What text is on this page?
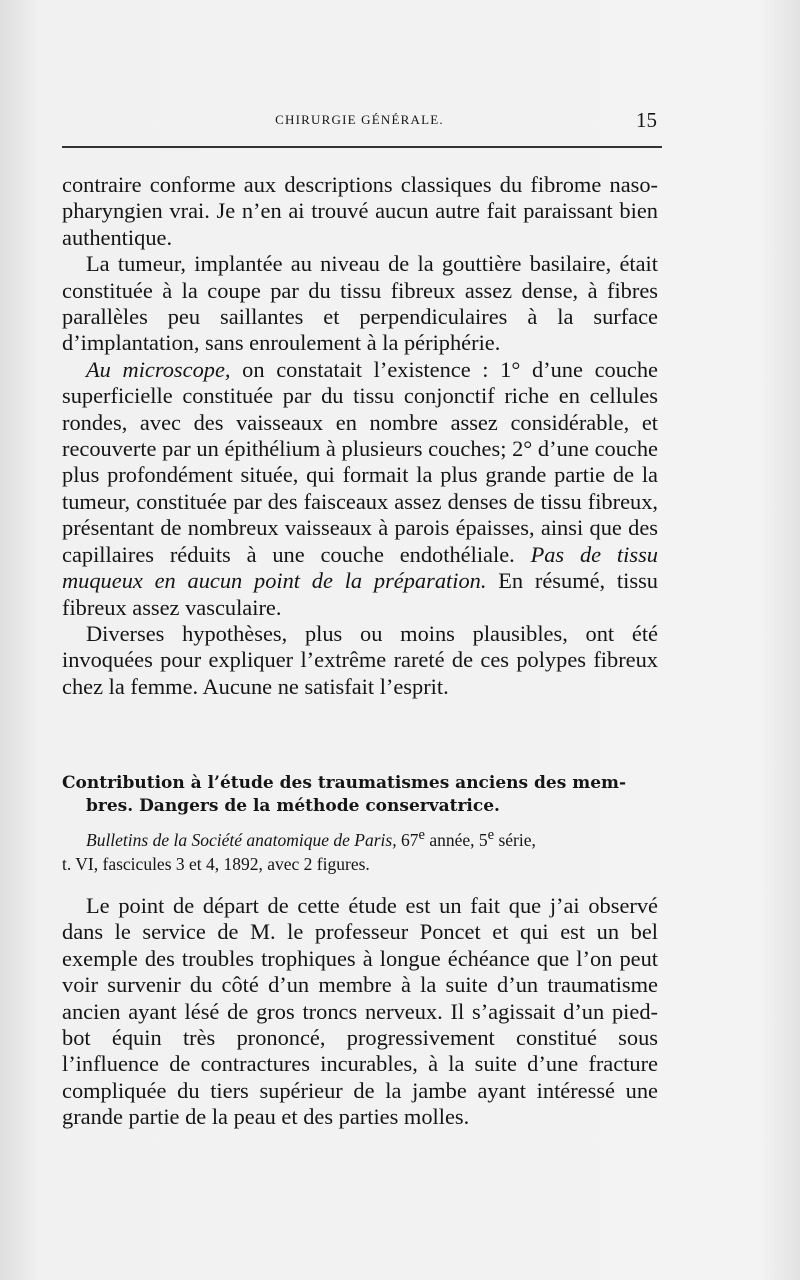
CHIRURGIE GÉNÉRALE.	15

contraire conforme aux descriptions classiques du fibrome naso-pharyngien vrai. Je n’en ai trouvé aucun autre fait paraissant bien authentique.

La tumeur, implantée au niveau de la gouttière basilaire, était constituée à la coupe par du tissu fibreux assez dense, à fibres parallèles peu saillantes et perpendiculaires à la surface d’implantation, sans enroulement à la périphérie.

Au microscope, on constatait l’existence : 1° d’une couche superficielle constituée par du tissu conjonctif riche en cellules rondes, avec des vaisseaux en nombre assez considérable, et recouverte par un épithélium à plusieurs couches; 2° d’une couche plus profondément située, qui formait la plus grande partie de la tumeur, constituée par des faisceaux assez denses de tissu fibreux, présentant de nombreux vaisseaux à parois épaisses, ainsi que des capillaires réduits à une couche endothéliale. Pas de tissu muqueux en aucun point de la préparation. En résumé, tissu fibreux assez vasculaire.

Diverses hypothèses, plus ou moins plausibles, ont été invoquées pour expliquer l’extrême rareté de ces polypes fibreux chez la femme. Aucune ne satisfait l’esprit.

Contribution à l’étude des traumatismes anciens des mem-
bres. Dangers de la méthode conservatrice.

Bulletins de la Société anatomique de Paris, 67e année, 5e série,
t. VI, fascicules 3 et 4, 1892, avec 2 figures.

Le point de départ de cette étude est un fait que j’ai observé dans le service de M. le professeur Poncet et qui est un bel exemple des troubles trophiques à longue échéance que l’on peut voir survenir du côté d’un membre à la suite d’un traumatisme ancien ayant lésé de gros troncs nerveux. Il s’agissait d’un pied-bot équin très prononcé, progressivement constitué sous l’influence de contractures incurables, à la suite d’une fracture compliquée du tiers supérieur de la jambe ayant intéressé une grande partie de la peau et des parties molles.
